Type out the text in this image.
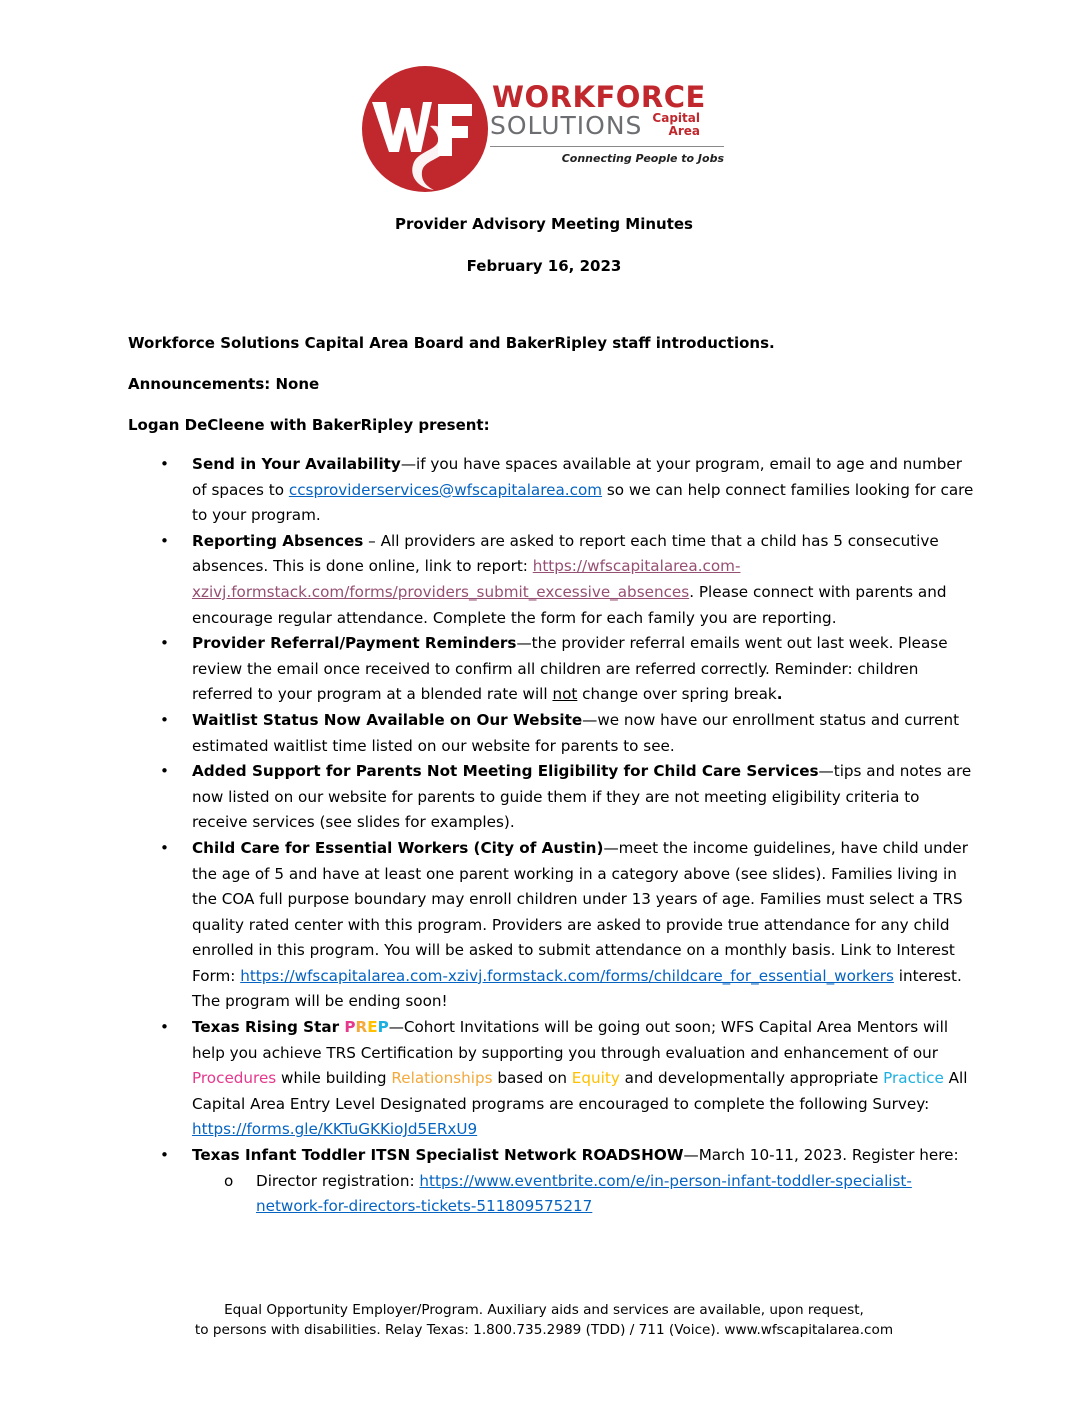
WORKFORCE
SOLUTIONS Capital
Area
Connecting People to Jobs
Provider Advisory Meeting Minutes
February 16, 2023
Workforce Solutions Capital Area Board and BakerRipley staff introductions.
Announcements: None
Logan DeCleene with BakerRipley present:
• Send in Your Availability—if you have spaces available at your program, email to age and number of spaces to ccsproviderservices@wfscapitalarea.com so we can help connect families looking for care to your program.
• Reporting Absences – All providers are asked to report each time that a child has 5 consecutive absences. This is done online, link to report: https://wfscapitalarea.com-xzivj.formstack.com/forms/providers_submit_excessive_absences. Please connect with parents and encourage regular attendance. Complete the form for each family you are reporting.
• Provider Referral/Payment Reminders—the provider referral emails went out last week. Please review the email once received to confirm all children are referred correctly. Reminder: children referred to your program at a blended rate will not change over spring break.
• Waitlist Status Now Available on Our Website—we now have our enrollment status and current estimated waitlist time listed on our website for parents to see.
• Added Support for Parents Not Meeting Eligibility for Child Care Services—tips and notes are now listed on our website for parents to guide them if they are not meeting eligibility criteria to receive services (see slides for examples).
• Child Care for Essential Workers (City of Austin)—meet the income guidelines, have child under the age of 5 and have at least one parent working in a category above (see slides). Families living in the COA full purpose boundary may enroll children under 13 years of age. Families must select a TRS quality rated center with this program. Providers are asked to provide true attendance for any child enrolled in this program. You will be asked to submit attendance on a monthly basis. Link to Interest Form: https://wfscapitalarea.com-xzivj.formstack.com/forms/childcare_for_essential_workers interest. The program will be ending soon!
• Texas Rising Star PREP—Cohort Invitations will be going out soon; WFS Capital Area Mentors will help you achieve TRS Certification by supporting you through evaluation and enhancement of our Procedures while building Relationships based on Equity and developmentally appropriate Practice All Capital Area Entry Level Designated programs are encouraged to complete the following Survey: https://forms.gle/KKTuGKKioJd5ERxU9
• Texas Infant Toddler ITSN Specialist Network ROADSHOW—March 10-11, 2023. Register here:
o Director registration: https://www.eventbrite.com/e/in-person-infant-toddler-specialist-network-for-directors-tickets-511809575217
Equal Opportunity Employer/Program. Auxiliary aids and services are available, upon request,
to persons with disabilities. Relay Texas: 1.800.735.2989 (TDD) / 711 (Voice). www.wfscapitalarea.com
